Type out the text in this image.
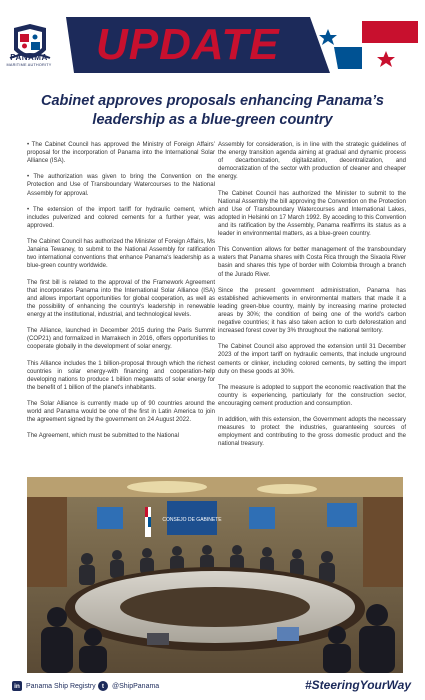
PANAMA
MARITIME AUTHORITY UPDATE
Cabinet approves proposals enhancing Panama’s leadership as a blue-green country

• The Cabinet Council has approved the Ministry of Foreign Affairs’ proposal for the incorporation of Panama into the International Solar Alliance (ISA).

• The authorization was given to bring the Convention on the Protection and Use of Transboundary Watercourses to the National Assembly for approval.

• The extension of the import tariff for hydraulic cement, which includes pulverized and colored cements for a further year, was approved.

The Cabinet Council has authorized the Minister of Foreign Affairs, Ms Janaina Tewaney, to submit to the National Assembly for ratification two international conventions that enhance Panama's leadership as a blue-green country worldwide.

The first bill is related to the approval of the Framework Agreement that incorporates Panama into the International Solar Alliance (ISA) and allows important opportunities for global cooperation, as well as the possibility of enhancing the country's leadership in renewable energy at the institutional, industrial, and technological levels.

The Alliance, launched in December 2015 during the Paris Summit (COP21) and formalized in Marrakech in 2016, offers opportunities to cooperate globally in the development of solar energy.

This Alliance includes the 1 billion-proposal through which the richest countries in solar energy-with financing and cooperation-help developing nations to produce 1 billion megawatts of solar energy for the benefit of 1 billion of the planet's inhabitants.

The Solar Alliance is currently made up of 90 countries around the world and Panama would be one of the first in Latin America to join the agreement signed by the government on 24 August 2022.

The Agreement, which must be submitted to the National

Assembly for consideration, is in line with the strategic guidelines of the energy transition agenda aiming at gradual and dynamic process of decarbonization, digitalization, decentralization, and democratization of the sector with production of cleaner and cheaper energy.

The Cabinet Council has authorized the Minister to submit to the National Assembly the bill approving the Convention on the Protection and Use of Transboundary Watercourses and International Lakes, adopted in Helsinki on 17 March 1992. By acceding to this Convention and its ratification by the Assembly, Panama reaffirms its status as a leader in environmental matters, as a blue-green country.

This Convention allows for better management of the transboundary waters that Panama shares with Costa Rica through the Sixaola River basin and shares this type of border with Colombia through a branch of the Jurado River.

Since the present government administration, Panama has established achievements in environmental matters that made it a leading green-blue country, mainly by increasing marine protected areas by 30%; the condition of being one of the world's carbon negative countries; it has also taken action to curb deforestation and increased forest cover by 3% throughout the national territory.

The Cabinet Council also approved the extension until 31 December 2023 of the import tariff on hydraulic cements, that include unground cements or clinker, including colored cements, by setting the import duty on these goods at 30%.

The measure is adopted to support the economic reactivation that the country is experiencing, particularly for the construction sector, encouraging cement production and consumption.

In addition, with this extension, the Government adopts the necessary measures to protect the industries, guaranteeing sources of employment and contributing to the gross domestic product and the national treasury.

CONSEJO DE GABINETE
in Panama Ship Registry t	@ShipPanama	#SteeringYourWay
